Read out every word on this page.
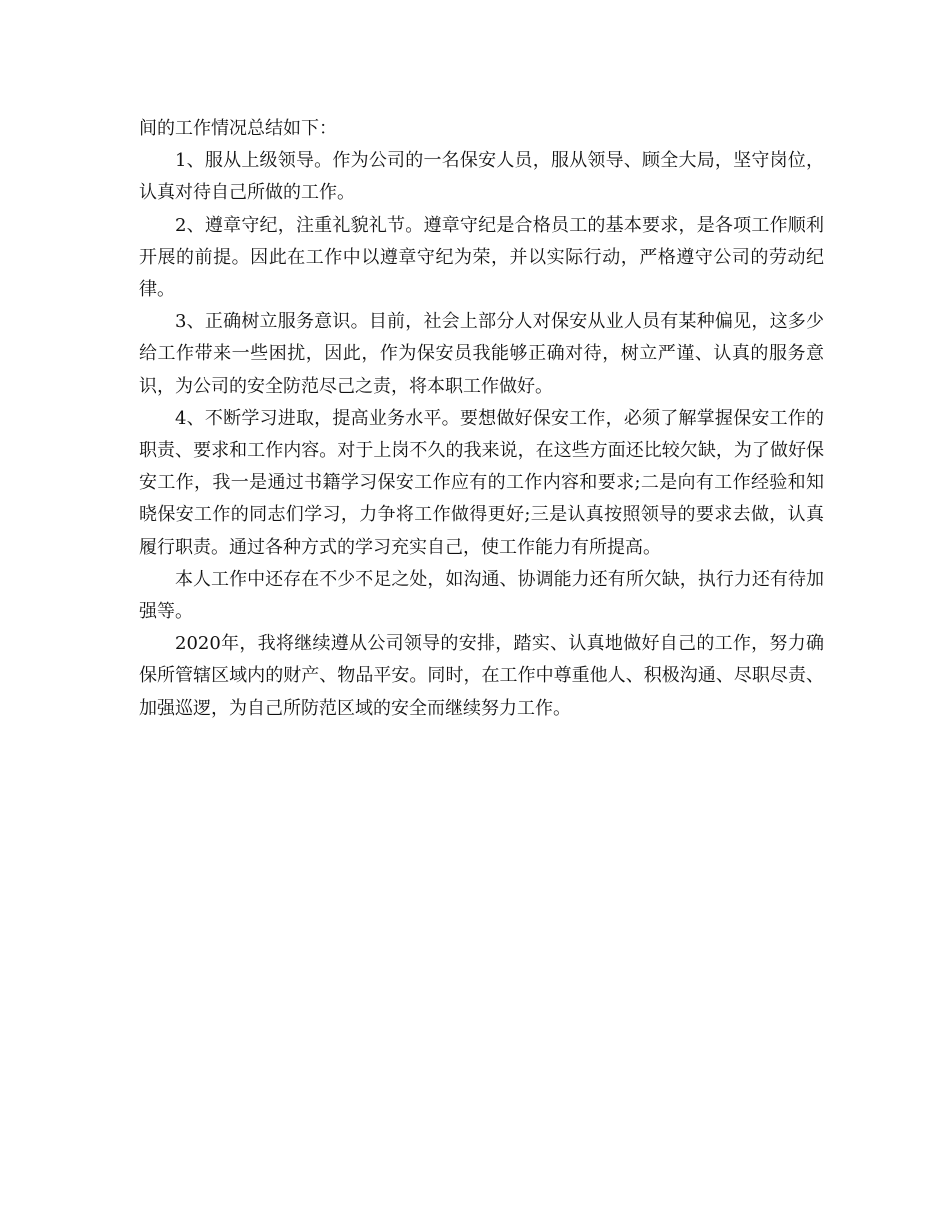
间的工作情况总结如下：

1、服从上级领导。作为公司的一名保安人员，服从领导、顾全大局，坚守岗位，认真对待自己所做的工作。

2、遵章守纪，注重礼貌礼节。遵章守纪是合格员工的基本要求，是各项工作顺利开展的前提。因此在工作中以遵章守纪为荣，并以实际行动，严格遵守公司的劳动纪律。

3、正确树立服务意识。目前，社会上部分人对保安从业人员有某种偏见，这多少给工作带来一些困扰，因此，作为保安员我能够正确对待，树立严谨、认真的服务意识，为公司的安全防范尽己之责，将本职工作做好。

4、不断学习进取，提高业务水平。要想做好保安工作，必须了解掌握保安工作的职责、要求和工作内容。对于上岗不久的我来说，在这些方面还比较欠缺，为了做好保安工作，我一是通过书籍学习保安工作应有的工作内容和要求;二是向有工作经验和知晓保安工作的同志们学习，力争将工作做得更好;三是认真按照领导的要求去做，认真履行职责。通过各种方式的学习充实自己，使工作能力有所提高。

本人工作中还存在不少不足之处，如沟通、协调能力还有所欠缺，执行力还有待加强等。

2020年，我将继续遵从公司领导的安排，踏实、认真地做好自己的工作，努力确保所管辖区域内的财产、物品平安。同时，在工作中尊重他人、积极沟通、尽职尽责、加强巡逻，为自己所防范区域的安全而继续努力工作。
